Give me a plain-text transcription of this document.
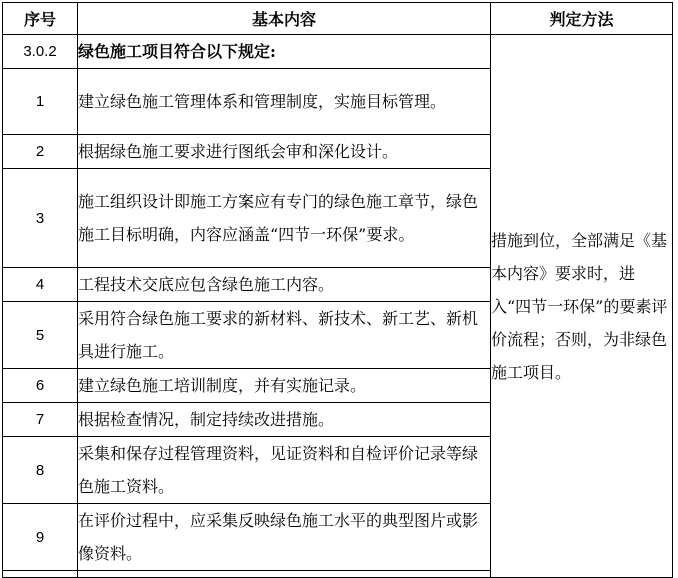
序号	基本内容	判定方法
3.0.2	绿色施工项目符合以下规定:	措施到位，全部满足《基本内容》要求时，进入“四节一环保”的要素评价流程；否则，为非绿色施工项目。
1	建立绿色施工管理体系和管理制度，实施目标管理。	
2	根据绿色施工要求进行图纸会审和深化设计。	
3	施工组织设计即施工方案应有专门的绿色施工章节，绿色施工目标明确，内容应涵盖“四节一环保”要求。	
4	工程技术交底应包含绿色施工内容。	
5	采用符合绿色施工要求的新材料、新技术、新工艺、新机具进行施工。	
6	建立绿色施工培训制度，并有实施记录。	
7	根据检查情况，制定持续改进措施。	
8	采集和保存过程管理资料，见证资料和自检评价记录等绿色施工资料。	
9	在评价过程中，应采集反映绿色施工水平的典型图片或影像资料。	
